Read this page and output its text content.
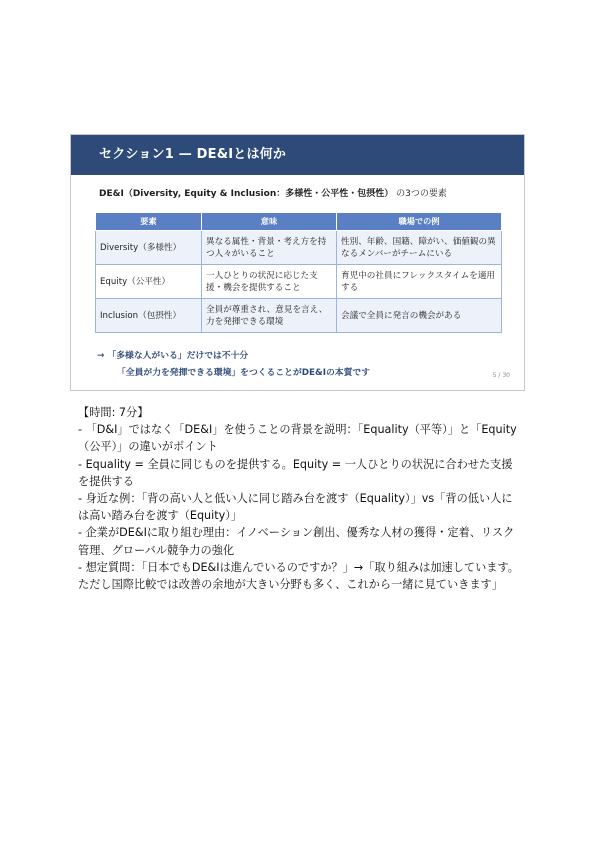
セクション1 — DE&Iとは何か
DE&I（Diversity, Equity & Inclusion：多様性・公平性・包摂性） の3つの要素
要素	意味	職場での例
Diversity（多様性）	異なる属性・背景・考え方を持つ人々がいること	性別、年齢、国籍、障がい、価値観の異なるメンバーがチームにいる
Equity（公平性）	一人ひとりの状況に応じた支援・機会を提供すること	育児中の社員にフレックスタイムを適用する
Inclusion（包摂性）	全員が尊重され、意見を言え、力を発揮できる環境	会議で全員に発言の機会がある
→ 「多様な人がいる」だけでは不十分
「全員が力を発揮できる環境」をつくることがDE&Iの本質です	5 / 30

【時間: 7分】

- 「D&I」ではなく「DE&I」を使うことの背景を説明：「Equality（平等）」と「Equity（公平）」の違いがポイント

- Equality = 全員に同じものを提供する。Equity = 一人ひとりの状況に合わせた支援を提供する

- 身近な例：「背の高い人と低い人に同じ踏み台を渡す（Equality）」vs「背の低い人には高い踏み台を渡す（Equity）」

- 企業がDE&Iに取り組む理由：イノベーション創出、優秀な人材の獲得・定着、リスク管理、グローバル競争力の強化

- 想定質問：「日本でもDE&Iは進んでいるのですか？」→「取り組みは加速しています。ただし国際比較では改善の余地が大きい分野も多く、これから一緒に見ていきます」
